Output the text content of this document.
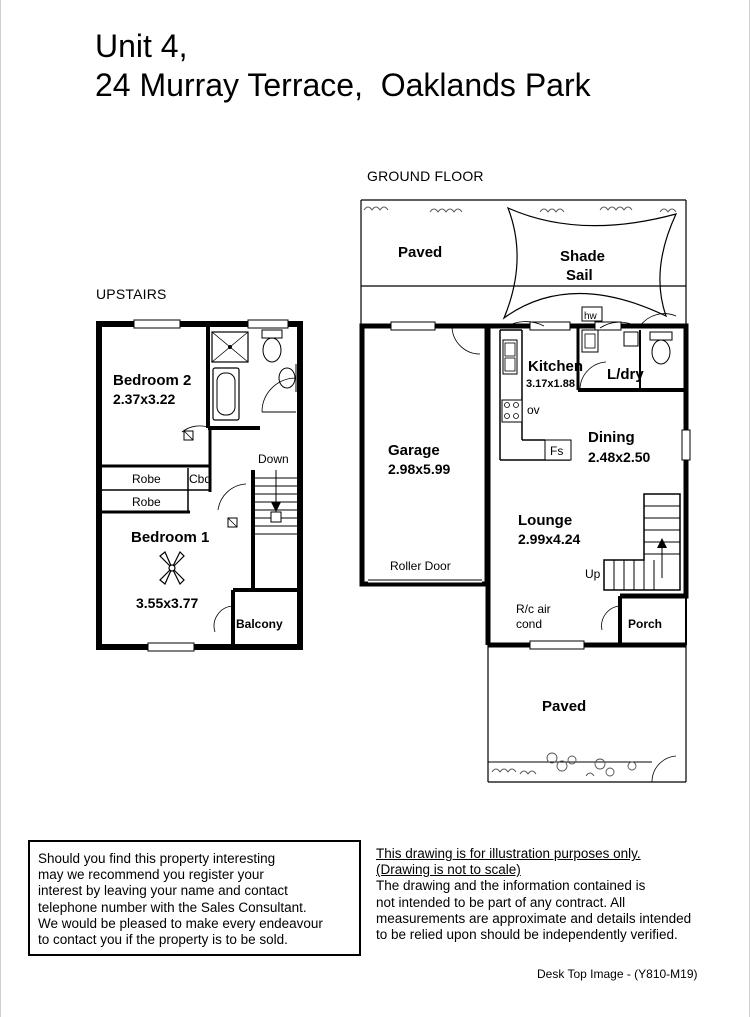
Unit 4,
24 Murray Terrace,  Oaklands Park
GROUND FLOOR
UPSTAIRS
Bedroom 2
2.37x3.22
Robe Cbd
Robe
Down
Bedroom 1
3.55x3.77
Balcony
Paved	Shade
Sail
hw
Garage
2.98x5.99
Roller Door
Kitchen
3.17x1.88
L/dry
ov
Fs
Dining
2.48x2.50
Lounge
2.99x4.24
Up
R/c air
cond	Porch
Paved
Should you find this property interesting
may we recommend you register your
interest by leaving your name and contact
telephone number with the Sales Consultant.
We would be pleased to make every endeavour
to contact you if the property is to be sold.
This drawing is for illustration purposes only.
(Drawing is not to scale)
The drawing and the information contained is
not intended to be part of any contract. All
measurements are approximate and details intended
to be relied upon should be independently verified.
Desk Top Image - (Y810-M19)
